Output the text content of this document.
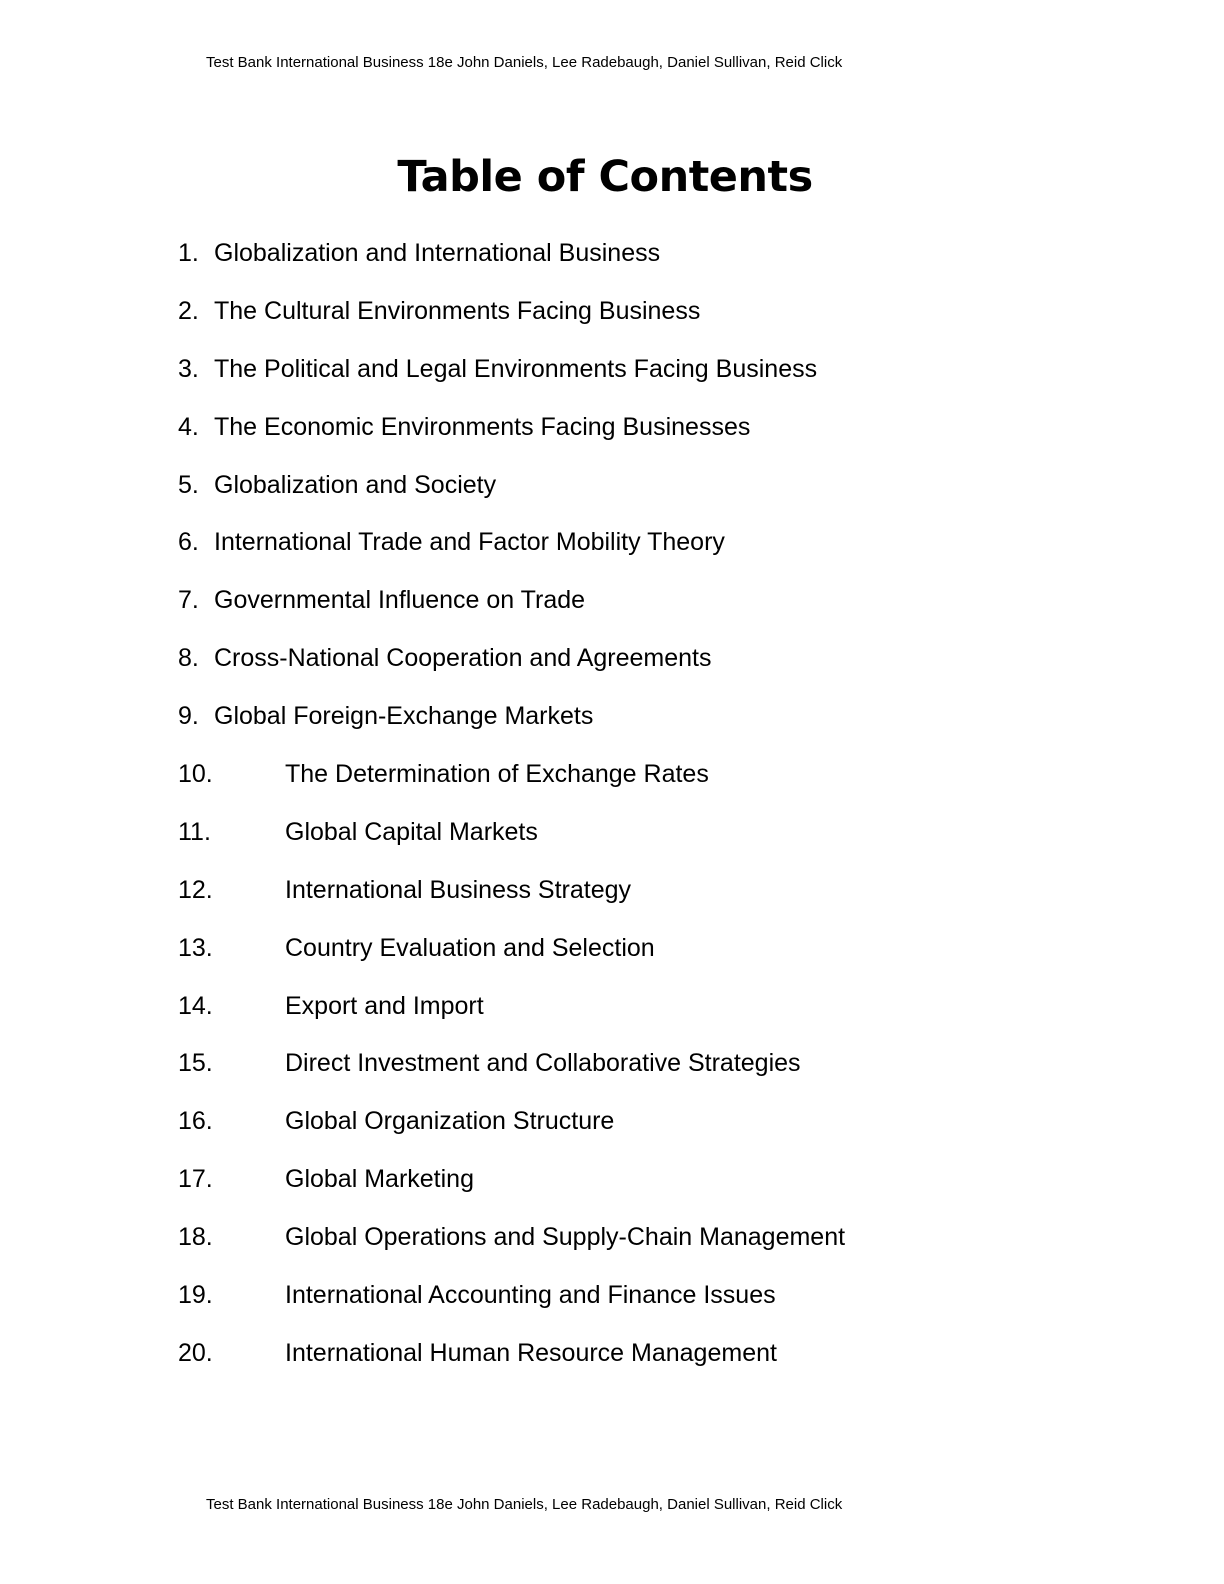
Test Bank International Business 18e John Daniels, Lee Radebaugh, Daniel Sullivan, Reid Click
Table of Contents
1. Globalization and International Business
2. The Cultural Environments Facing Business
3. The Political and Legal Environments Facing Business
4. The Economic Environments Facing Businesses
5. Globalization and Society
6. International Trade and Factor Mobility Theory
7. Governmental Influence on Trade
8. Cross-National Cooperation and Agreements
9. Global Foreign-Exchange Markets
10.	The Determination of Exchange Rates
11.	Global Capital Markets
12.	International Business Strategy
13.	Country Evaluation and Selection
14.	Export and Import
15.	Direct Investment and Collaborative Strategies
16.	Global Organization Structure
17.	Global Marketing
18.	Global Operations and Supply-Chain Management
19.	International Accounting and Finance Issues
20.	International Human Resource Management
Test Bank International Business 18e John Daniels, Lee Radebaugh, Daniel Sullivan, Reid Click
